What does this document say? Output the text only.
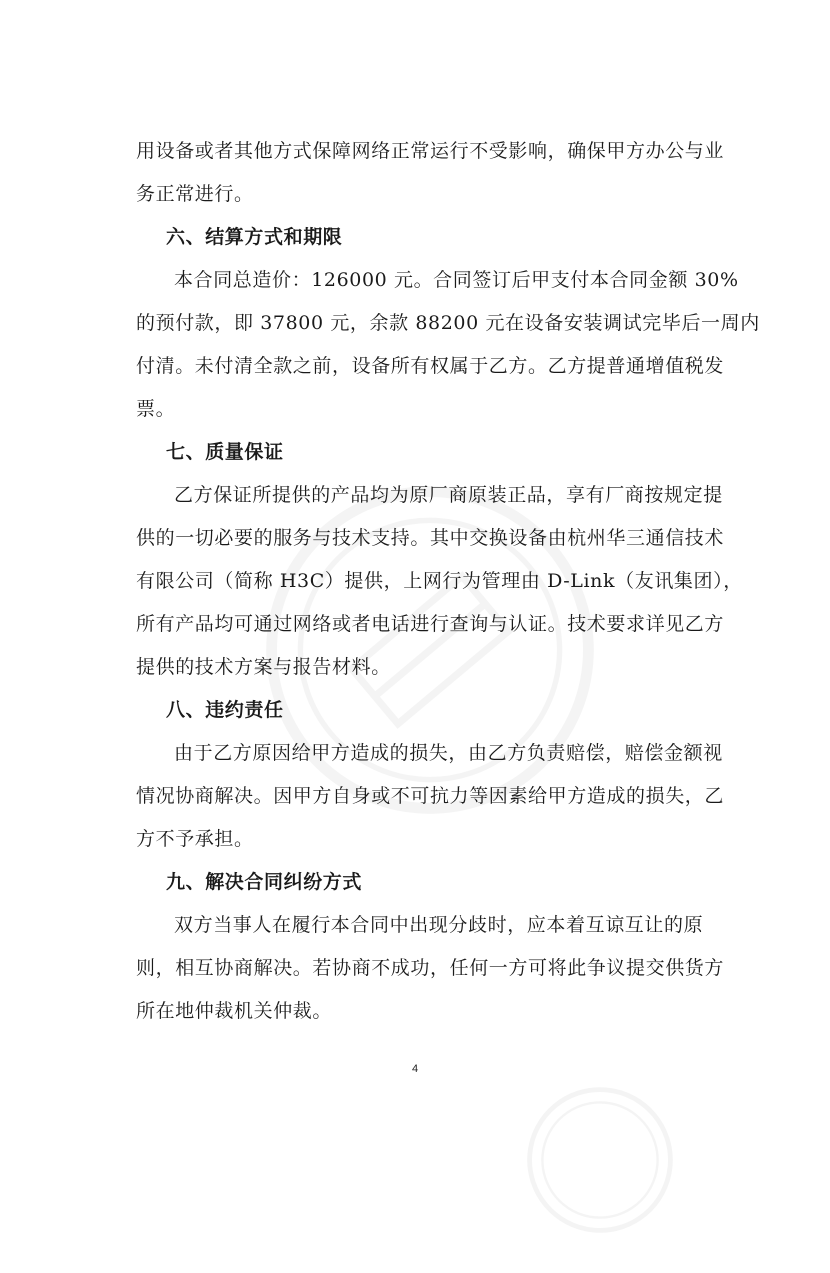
用设备或者其他方式保障网络正常运行不受影响，确保甲方办公与业

务正常进行。

六、结算方式和期限

本合同总造价：126000 元。合同签订后甲支付本合同金额 30%

的预付款，即 37800 元，余款 88200 元在设备安装调试完毕后一周内

付清。未付清全款之前，设备所有权属于乙方。乙方提普通增值税发

票。

七、质量保证

乙方保证所提供的产品均为原厂商原装正品，享有厂商按规定提

供的一切必要的服务与技术支持。其中交换设备由杭州华三通信技术

有限公司（简称 H3C）提供，上网行为管理由 D-Link（友讯集团），

所有产品均可通过网络或者电话进行查询与认证。技术要求详见乙方

提供的技术方案与报告材料。

八、违约责任

由于乙方原因给甲方造成的损失，由乙方负责赔偿，赔偿金额视

情况协商解决。因甲方自身或不可抗力等因素给甲方造成的损失，乙

方不予承担。

九、解决合同纠纷方式

双方当事人在履行本合同中出现分歧时，应本着互谅互让的原

则，相互协商解决。若协商不成功，任何一方可将此争议提交供货方

所在地仲裁机关仲裁。

4
